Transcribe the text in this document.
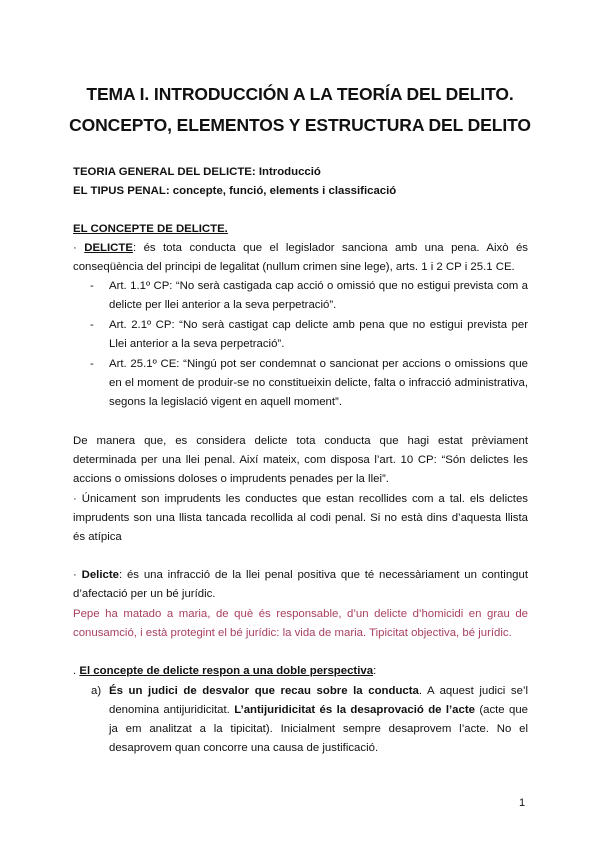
TEMA I. INTRODUCCIÓN A LA TEORÍA DEL DELITO.
CONCEPTO, ELEMENTOS Y ESTRUCTURA DEL DELITO
TEORIA GENERAL DEL DELICTE: Introducció
EL TIPUS PENAL: concepte, funció, elements i classificació
EL CONCEPTE DE DELICTE.
· DELICTE: és tota conducta que el legislador sanciona amb una pena. Això és conseqüència del principi de legalitat (nullum crimen sine lege), arts. 1 i 2 CP i 25.1 CE.
- Art. 1.1º CP: “No serà castigada cap acció o omissió que no estigui prevista com a delicte per llei anterior a la seva perpetració”.
- Art. 2.1º CP: “No serà castigat cap delicte amb pena que no estigui prevista per Llei anterior a la seva perpetració”.
- Art. 25.1º CE: “Ningú pot ser condemnat o sancionat per accions o omissions que en el moment de produir-se no constitueixin delicte, falta o infracció administrativa, segons la legislació vigent en aquell moment”.
De manera que, es considera delicte tota conducta que hagi estat prèviament determinada per una llei penal. Així mateix, com disposa l’art. 10 CP: “Són delictes les accions o omissions doloses o imprudents penades per la llei”.
· Únicament son imprudents les conductes que estan recollides com a tal. els delictes imprudents son una llista tancada recollida al codi penal. Si no està dins d’aquesta llista és atípica
· Delicte: és una infracció de la llei penal positiva que té necessàriament un contingut d’afectació per un bé jurídic.
Pepe ha matado a maria, de què és responsable, d’un delicte d’homicidi en grau de conusamció, i està protegint el bé jurídic: la vida de maria. Tipicitat objectiva, bé jurídic.
. El concepte de delicte respon a una doble perspectiva:
a) És un judici de desvalor que recau sobre la conducta. A aquest judici se’l denomina antijuridicitat. L’antijuridicitat és la desaprovació de l’acte (acte que ja em analitzat a la tipicitat). Inicialment sempre desaprovem l’acte. No el desaprovem quan concorre una causa de justificació.
1
